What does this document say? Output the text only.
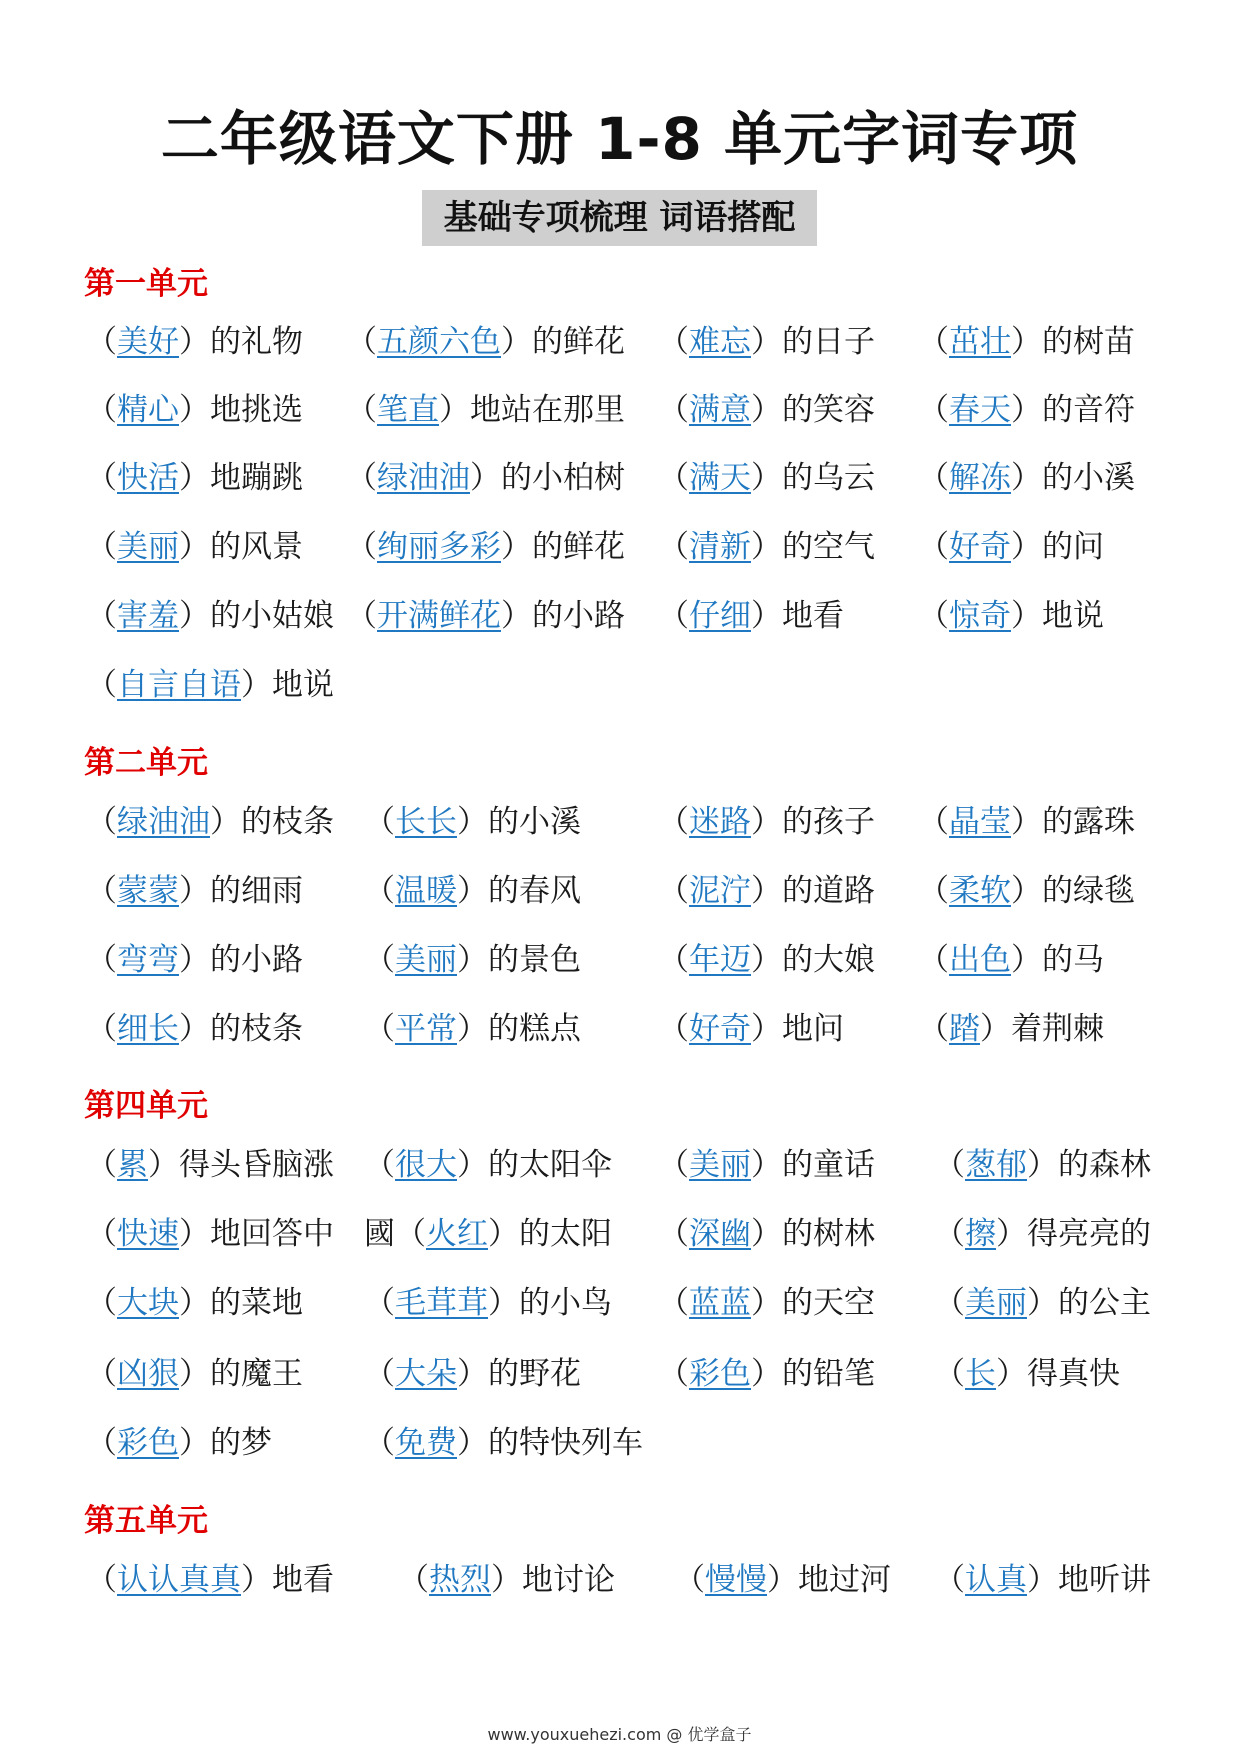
二年级语文下册 1-8 单元字词专项
基础专项梳理 词语搭配
第一单元
（美好）的礼物 （五颜六色）的鲜花 （难忘）的日子 （茁壮）的树苗
（精心）地挑选 （笔直）地站在那里 （满意）的笑容 （春天）的音符
（快活）地蹦跳 （绿油油）的小柏树 （满天）的乌云 （解冻）的小溪
（美丽）的风景 （绚丽多彩）的鲜花 （清新）的空气 （好奇）的问
（害羞）的小姑娘 （开满鲜花）的小路 （仔细）地看 （惊奇）地说
（自言自语）地说
第二单元
（绿油油）的枝条 （长长）的小溪 （迷路）的孩子 （晶莹）的露珠
（蒙蒙）的细雨 （温暖）的春风 （泥泞）的道路 （柔软）的绿毯
（弯弯）的小路 （美丽）的景色 （年迈）的大娘 （出色）的马
（细长）的枝条 （平常）的糕点 （好奇）地问 （踏）着荆棘
第四单元
（累）得头昏脑涨 （很大）的太阳伞 （美丽）的童话 （葱郁）的森林
（快速）地回答中 國（火红）的太阳 （深幽）的树林 （擦）得亮亮的
（大块）的菜地 （毛茸茸）的小鸟 （蓝蓝）的天空 （美丽）的公主
（凶狠）的魔王 （大朵）的野花 （彩色）的铅笔 （长）得真快
（彩色）的梦	（免费）的特快列车
第五单元
（认认真真）地看 （热烈）地讨论 （慢慢）地过河 （认真）地听讲
www.youxuehezi.com @ 优学盒子
